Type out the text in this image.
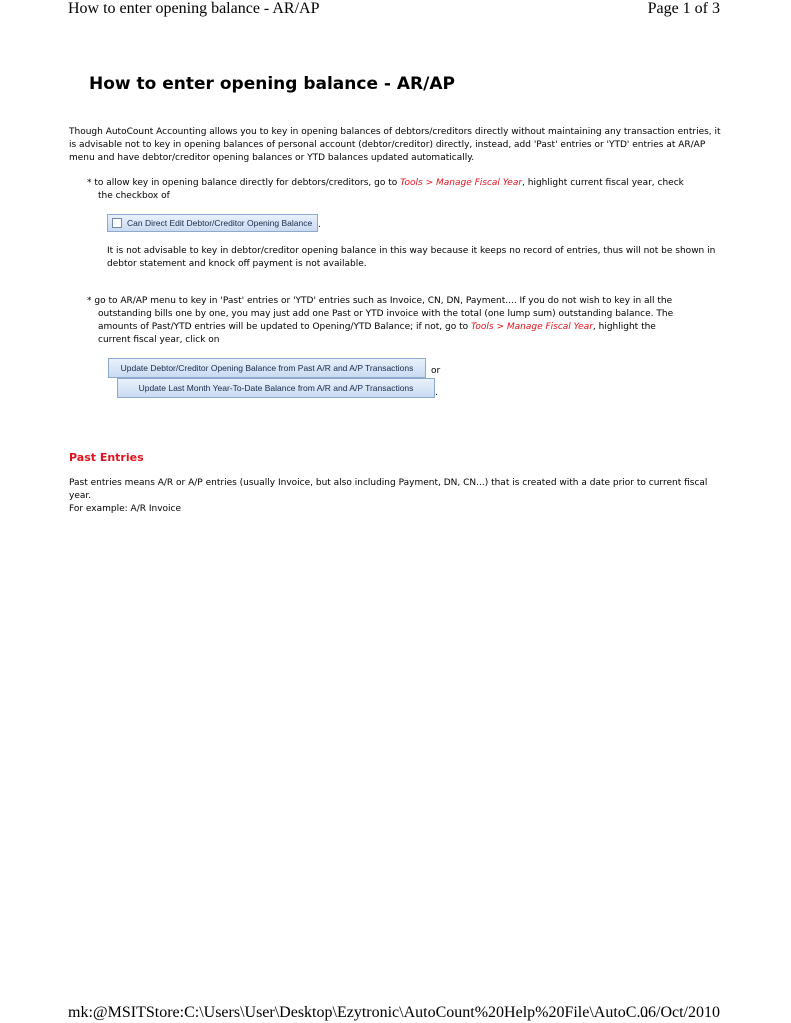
How to enter opening balance - AR/AP	Page 1 of 3
How to enter opening balance - AR/AP
Though AutoCount Accounting allows you to key in opening balances of debtors/creditors directly without maintaining any transaction entries, it is advisable not to key in opening balances of personal account (debtor/creditor) directly, instead, add 'Past' entries or 'YTD' entries at AR/AP menu and have debtor/creditor opening balances or YTD balances updated automatically.
* to allow key in opening balance directly for debtors/creditors, go to Tools > Manage Fiscal Year, highlight current fiscal year, check
the checkbox of
Can Direct Edit Debtor/Creditor Opening Balance .
It is not advisable to key in debtor/creditor opening balance in this way because it keeps no record of entries, thus will not be shown in debtor statement and knock off payment is not available.
* go to AR/AP menu to key in 'Past' entries or 'YTD' entries such as Invoice, CN, DN, Payment.... If you do not wish to key in all the
outstanding bills one by one, you may just add one Past or YTD invoice with the total (one lump sum) outstanding balance. The
amounts of Past/YTD entries will be updated to Opening/YTD Balance; if not, go to Tools > Manage Fiscal Year, highlight the
current fiscal year, click on
Update Debtor/Creditor Opening Balance from Past A/R and A/P Transactions	or
Update Last Month Year-To-Date Balance from A/R and A/P Transactions	.
Past Entries
Past entries means A/R or A/P entries (usually Invoice, but also including Payment, DN, CN...) that is created with a date prior to current fiscal year.
For example: A/R Invoice
mk:@MSITStore:C:\Users\User\Desktop\Ezytronic\AutoCount%20Help%20File\AutoC...
06/Oct/2010
